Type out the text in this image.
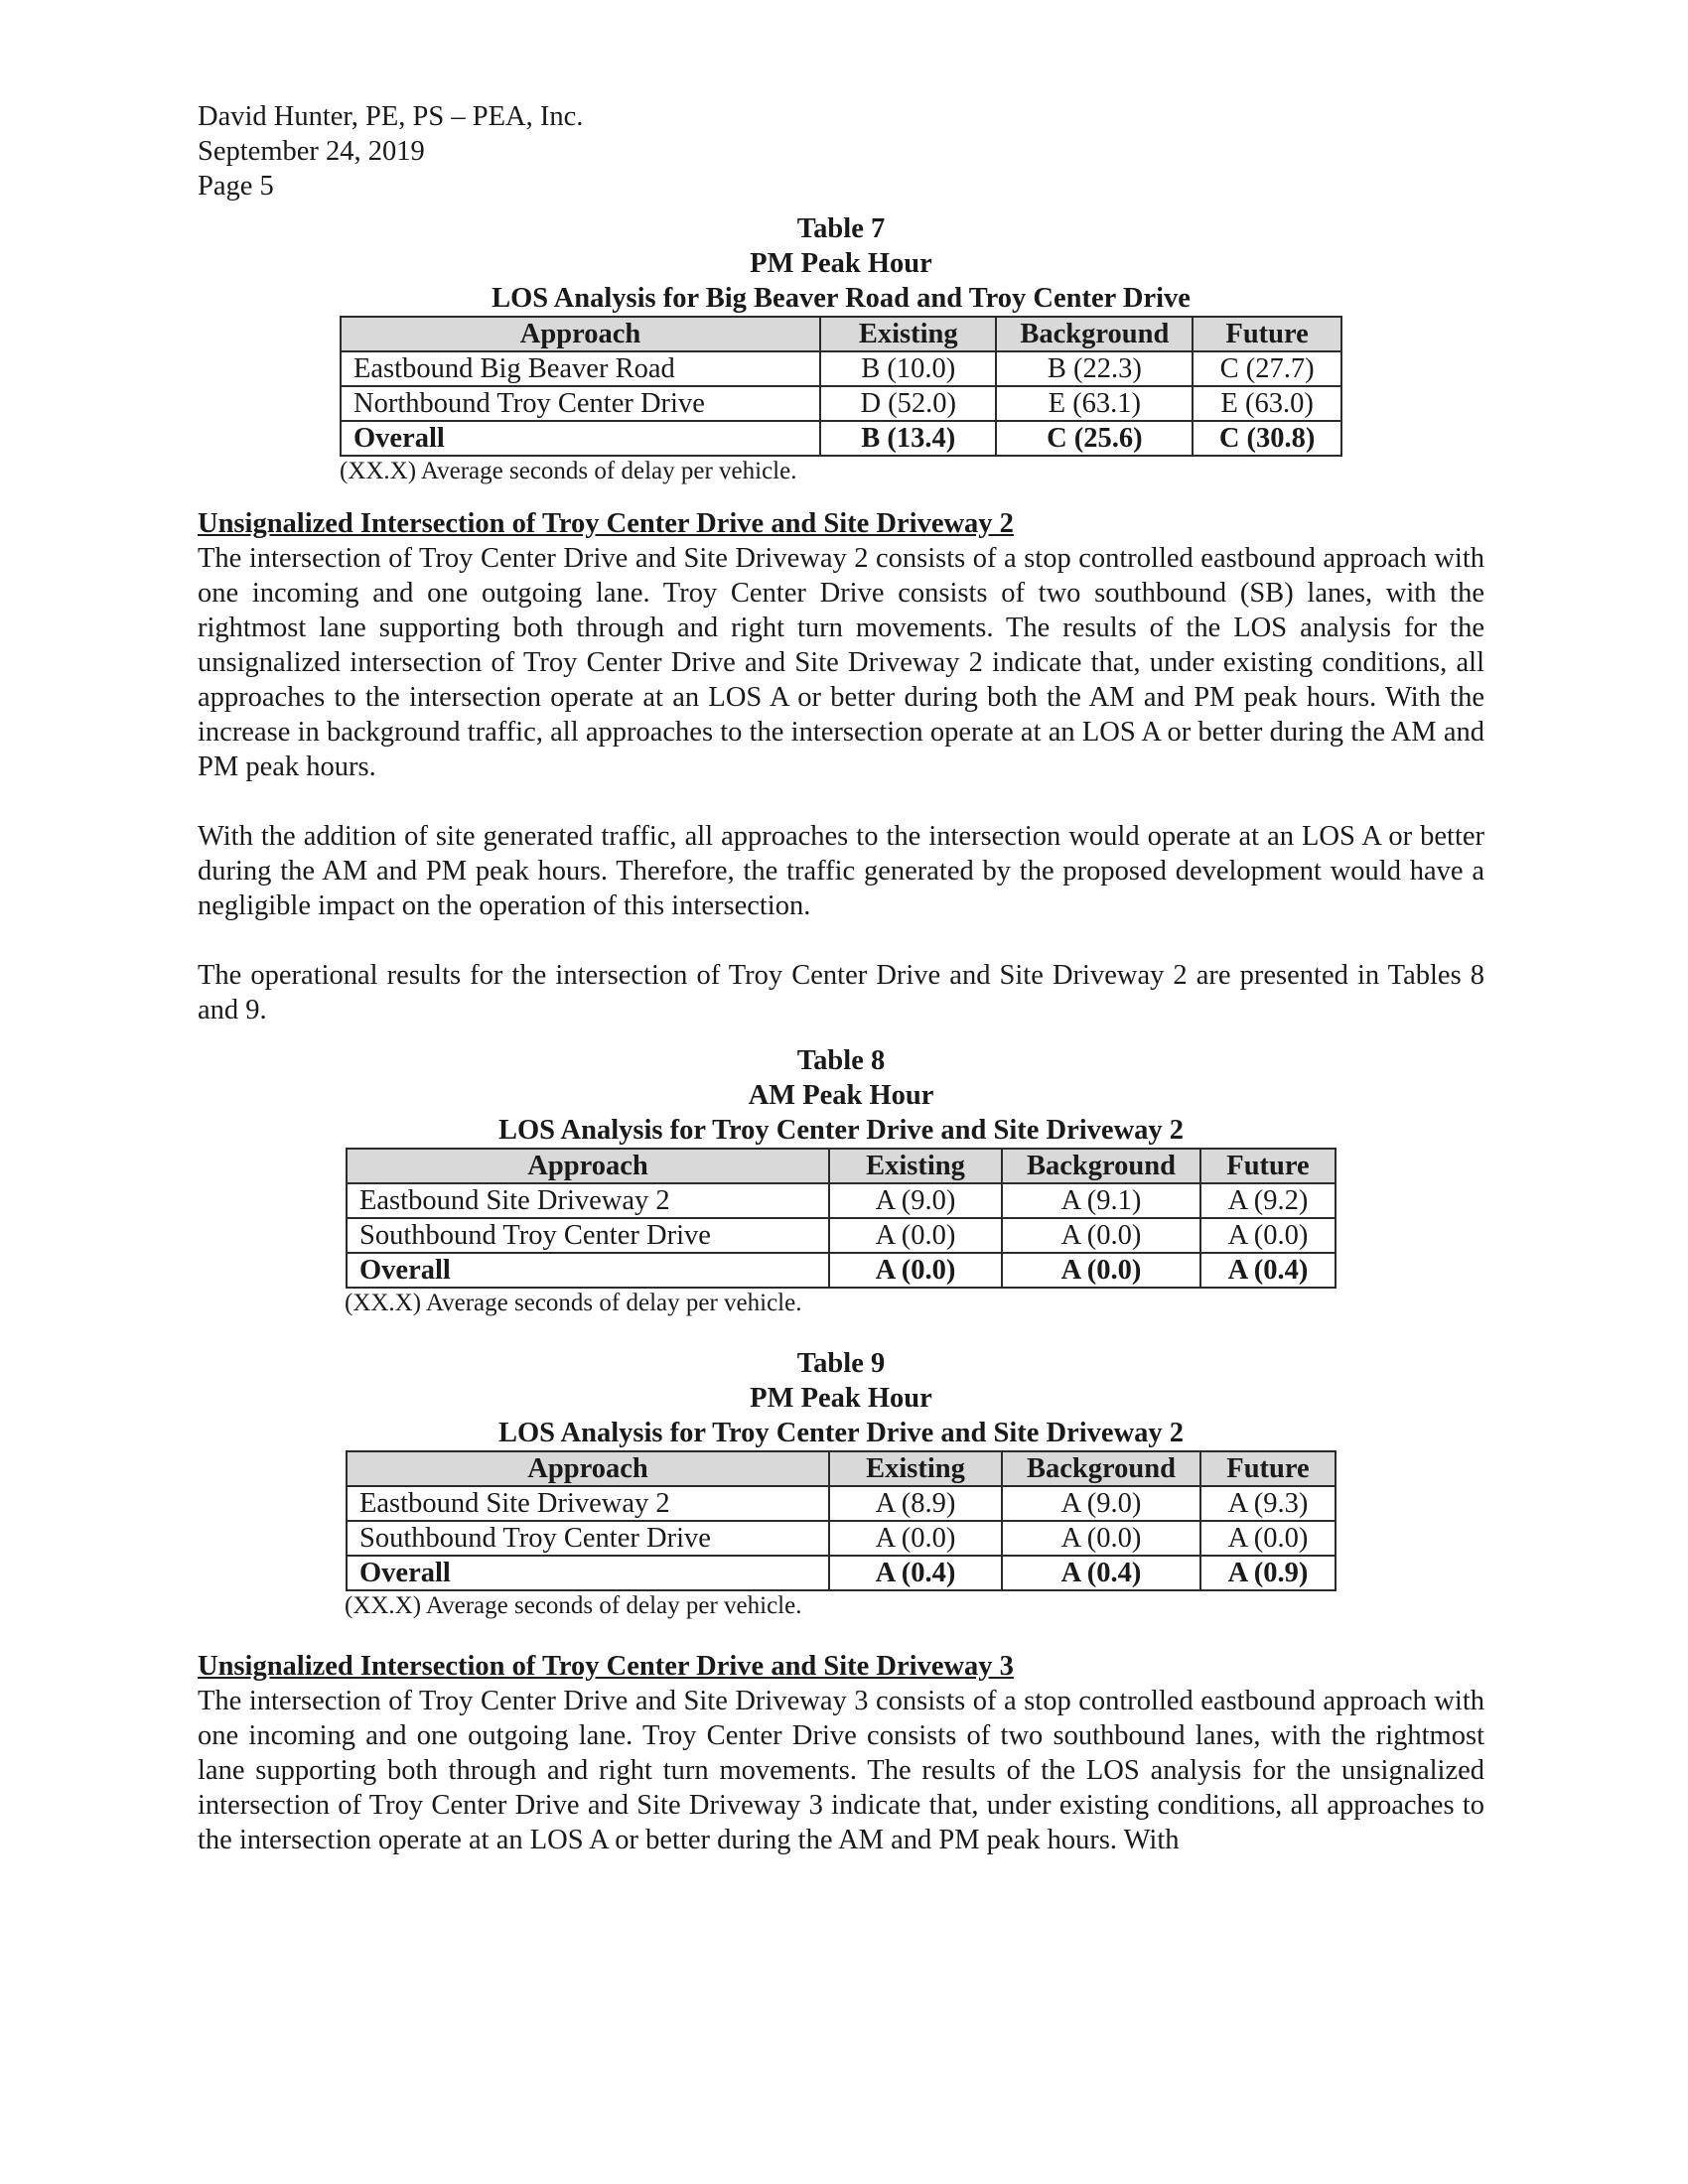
David Hunter, PE, PS – PEA, Inc.
September 24, 2019
Page 5
Table 7
PM Peak Hour
LOS Analysis for Big Beaver Road and Troy Center Drive
Approach	Existing	Background	Future
Eastbound Big Beaver Road	B (10.0)	B (22.3)	C (27.7)
Northbound Troy Center Drive	D (52.0)	E (63.1)	E (63.0)
Overall	B (13.4)	C (25.6)	C (30.8)
(XX.X) Average seconds of delay per vehicle.
Unsignalized Intersection of Troy Center Drive and Site Driveway 2

The intersection of Troy Center Drive and Site Driveway 2 consists of a stop controlled eastbound approach with one incoming and one outgoing lane. Troy Center Drive consists of two southbound (SB) lanes, with the rightmost lane supporting both through and right turn movements. The results of the LOS analysis for the unsignalized intersection of Troy Center Drive and Site Driveway 2 indicate that, under existing conditions, all approaches to the intersection operate at an LOS A or better during both the AM and PM peak hours. With the increase in background traffic, all approaches to the intersection operate at an LOS A or better during the AM and PM peak hours.

With the addition of site generated traffic, all approaches to the intersection would operate at an LOS A or better during the AM and PM peak hours. Therefore, the traffic generated by the proposed development would have a negligible impact on the operation of this intersection.

The operational results for the intersection of Troy Center Drive and Site Driveway 2 are presented in Tables 8 and 9.

Table 8
AM Peak Hour
LOS Analysis for Troy Center Drive and Site Driveway 2
Approach	Existing	Background	Future
Eastbound Site Driveway 2	A (9.0)	A (9.1)	A (9.2)
Southbound Troy Center Drive	A (0.0)	A (0.0)	A (0.0)
Overall	A (0.0)	A (0.0)	A (0.4)
(XX.X) Average seconds of delay per vehicle.
Table 9
PM Peak Hour
LOS Analysis for Troy Center Drive and Site Driveway 2
Approach	Existing	Background	Future
Eastbound Site Driveway 2	A (8.9)	A (9.0)	A (9.3)
Southbound Troy Center Drive	A (0.0)	A (0.0)	A (0.0)
Overall	A (0.4)	A (0.4)	A (0.9)
(XX.X) Average seconds of delay per vehicle.
Unsignalized Intersection of Troy Center Drive and Site Driveway 3

The intersection of Troy Center Drive and Site Driveway 3 consists of a stop controlled eastbound approach with one incoming and one outgoing lane. Troy Center Drive consists of two southbound lanes, with the rightmost lane supporting both through and right turn movements. The results of the LOS analysis for the unsignalized intersection of Troy Center Drive and Site Driveway 3 indicate that, under existing conditions, all approaches to the intersection operate at an LOS A or better during the AM and PM peak hours. With
